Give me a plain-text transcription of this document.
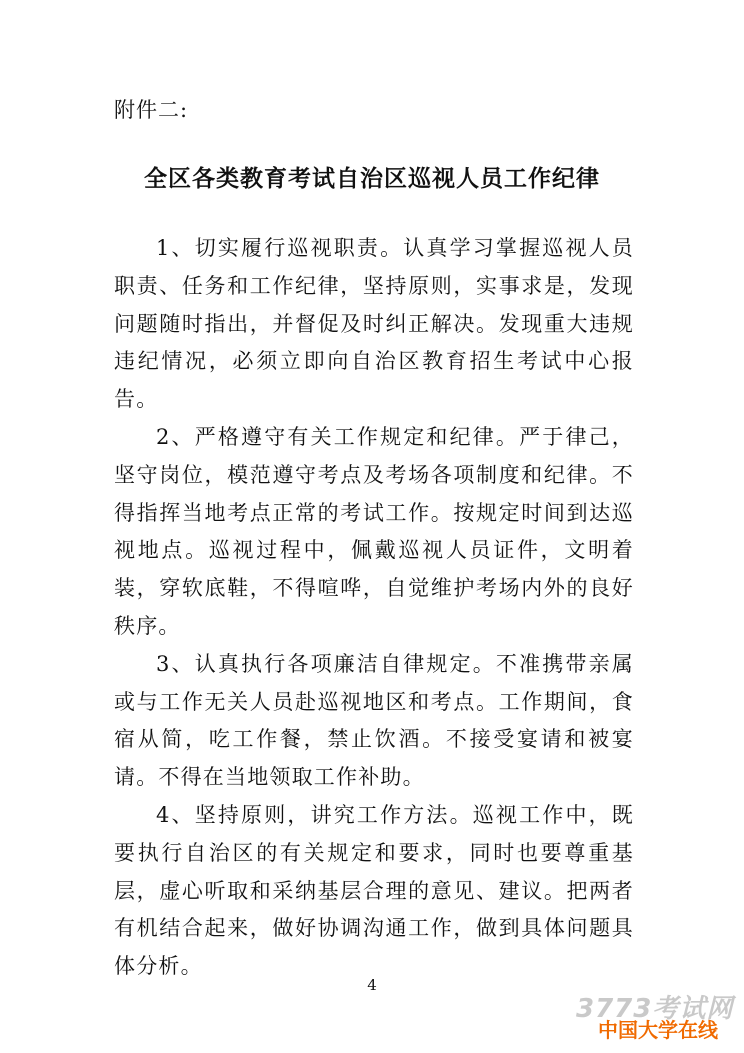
附件二:
全区各类教育考试自治区巡视人员工作纪律

1、切实履行巡视职责。认真学习掌握巡视人员职责、任务和工作纪律，坚持原则，实事求是，发现问题随时指出，并督促及时纠正解决。发现重大违规违纪情况，必须立即向自治区教育招生考试中心报告。

2、严格遵守有关工作规定和纪律。严于律己，坚守岗位，模范遵守考点及考场各项制度和纪律。不得指挥当地考点正常的考试工作。按规定时间到达巡视地点。巡视过程中，佩戴巡视人员证件，文明着装，穿软底鞋，不得喧哗，自觉维护考场内外的良好秩序。

3、认真执行各项廉洁自律规定。不准携带亲属或与工作无关人员赴巡视地区和考点。工作期间，食宿从简，吃工作餐，禁止饮酒。不接受宴请和被宴请。不得在当地领取工作补助。

4、坚持原则，讲究工作方法。巡视工作中，既要执行自治区的有关规定和要求，同时也要尊重基层，虚心听取和采纳基层合理的意见、建议。把两者有机结合起来，做好协调沟通工作，做到具体问题具体分析。

4
3773考试网
中国大学在线
